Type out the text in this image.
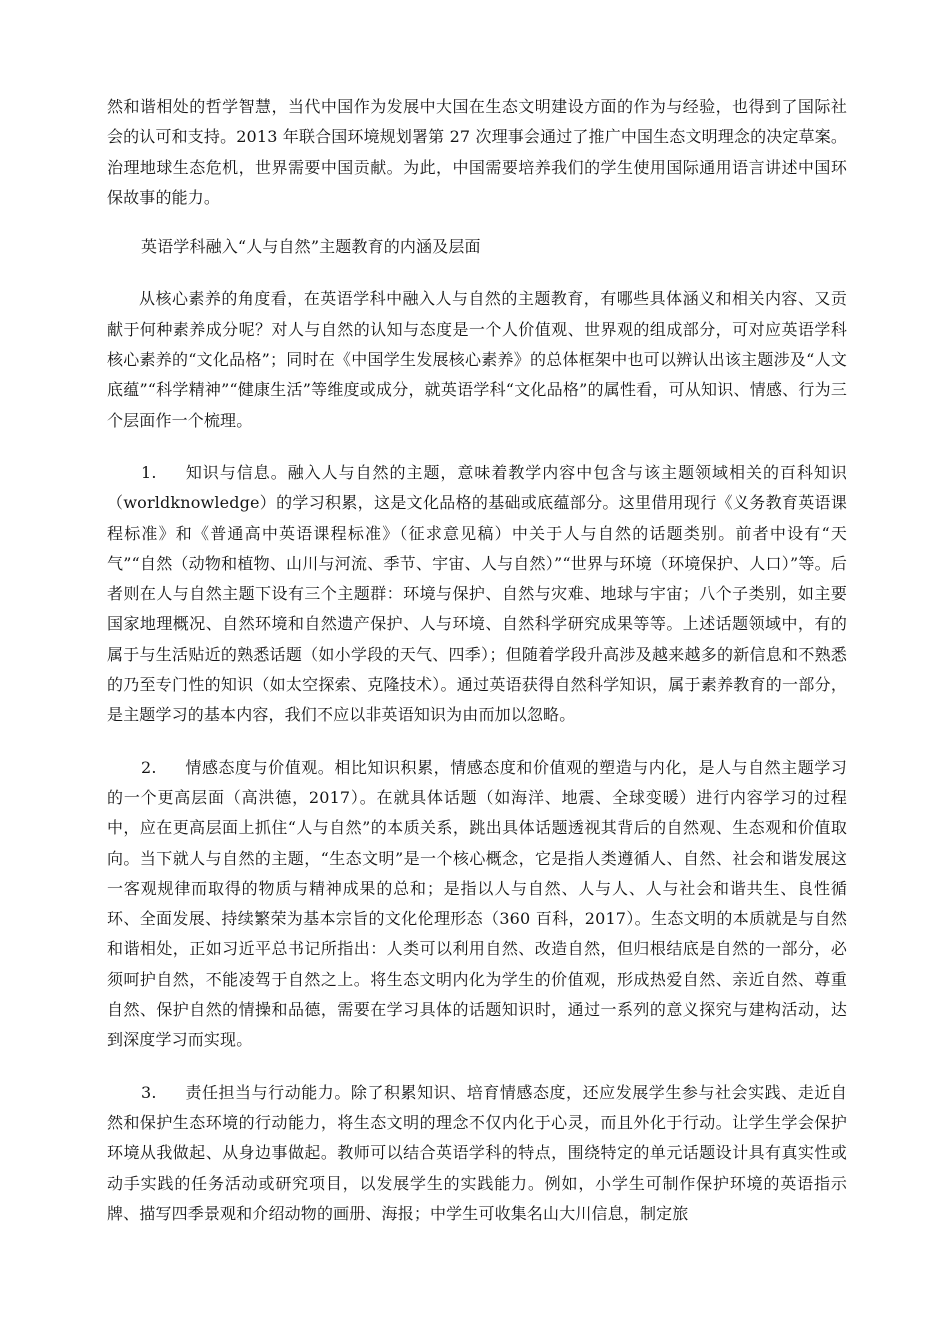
然和谐相处的哲学智慧，当代中国作为发展中大国在生态文明建设方面的作为与经验，也得到了国际社会的认可和支持。2013 年联合国环境规划署第 27 次理事会通过了推广中国生态文明理念的决定草案。治理地球生态危机，世界需要中国贡献。为此，中国需要培养我们的学生使用国际通用语言讲述中国环保故事的能力。

英语学科融入“人与自然”主题教育的内涵及层面

从核心素养的角度看，在英语学科中融入人与自然的主题教育，有哪些具体涵义和相关内容、又贡献于何种素养成分呢？对人与自然的认知与态度是一个人价值观、世界观的组成部分，可对应英语学科核心素养的“文化品格”；同时在《中国学生发展核心素养》的总体框架中也可以辨认出该主题涉及“人文底蕴”“科学精神”“健康生活”等维度或成分，就英语学科“文化品格”的属性看，可从知识、情感、行为三个层面作一个梳理。

1. 知识与信息。融入人与自然的主题，意味着教学内容中包含与该主题领域相关的百科知识（worldknowledge）的学习积累，这是文化品格的基础或底蕴部分。这里借用现行《义务教育英语课程标准》和《普通高中英语课程标准》（征求意见稿）中关于人与自然的话题类别。前者中设有“天气”“自然（动物和植物、山川与河流、季节、宇宙、人与自然）”“世界与环境（环境保护、人口）”等。后者则在人与自然主题下设有三个主题群：环境与保护、自然与灾难、地球与宇宙；八个子类别，如主要国家地理概况、自然环境和自然遗产保护、人与环境、自然科学研究成果等等。上述话题领域中，有的属于与生活贴近的熟悉话题（如小学段的天气、四季）；但随着学段升高涉及越来越多的新信息和不熟悉的乃至专门性的知识（如太空探索、克隆技术）。通过英语获得自然科学知识，属于素养教育的一部分，是主题学习的基本内容，我们不应以非英语知识为由而加以忽略。

2. 情感态度与价值观。相比知识积累，情感态度和价值观的塑造与内化，是人与自然主题学习的一个更高层面（高洪德，2017）。在就具体话题（如海洋、地震、全球变暖）进行内容学习的过程中，应在更高层面上抓住“人与自然”的本质关系，跳出具体话题透视其背后的自然观、生态观和价值取向。当下就人与自然的主题，“生态文明”是一个核心概念，它是指人类遵循人、自然、社会和谐发展这一客观规律而取得的物质与精神成果的总和；是指以人与自然、人与人、人与社会和谐共生、良性循环、全面发展、持续繁荣为基本宗旨的文化伦理形态（360 百科，2017）。生态文明的本质就是与自然和谐相处，正如习近平总书记所指出：人类可以利用自然、改造自然，但归根结底是自然的一部分，必须呵护自然，不能凌驾于自然之上。将生态文明内化为学生的价值观，形成热爱自然、亲近自然、尊重自然、保护自然的情操和品德，需要在学习具体的话题知识时，通过一系列的意义探究与建构活动，达到深度学习而实现。

3. 责任担当与行动能力。除了积累知识、培育情感态度，还应发展学生参与社会实践、走近自然和保护生态环境的行动能力，将生态文明的理念不仅内化于心灵，而且外化于行动。让学生学会保护环境从我做起、从身边事做起。教师可以结合英语学科的特点，围绕特定的单元话题设计具有真实性或动手实践的任务活动或研究项目，以发展学生的实践能力。例如，小学生可制作保护环境的英语指示牌、描写四季景观和介绍动物的画册、海报；中学生可收集名山大川信息，制定旅
